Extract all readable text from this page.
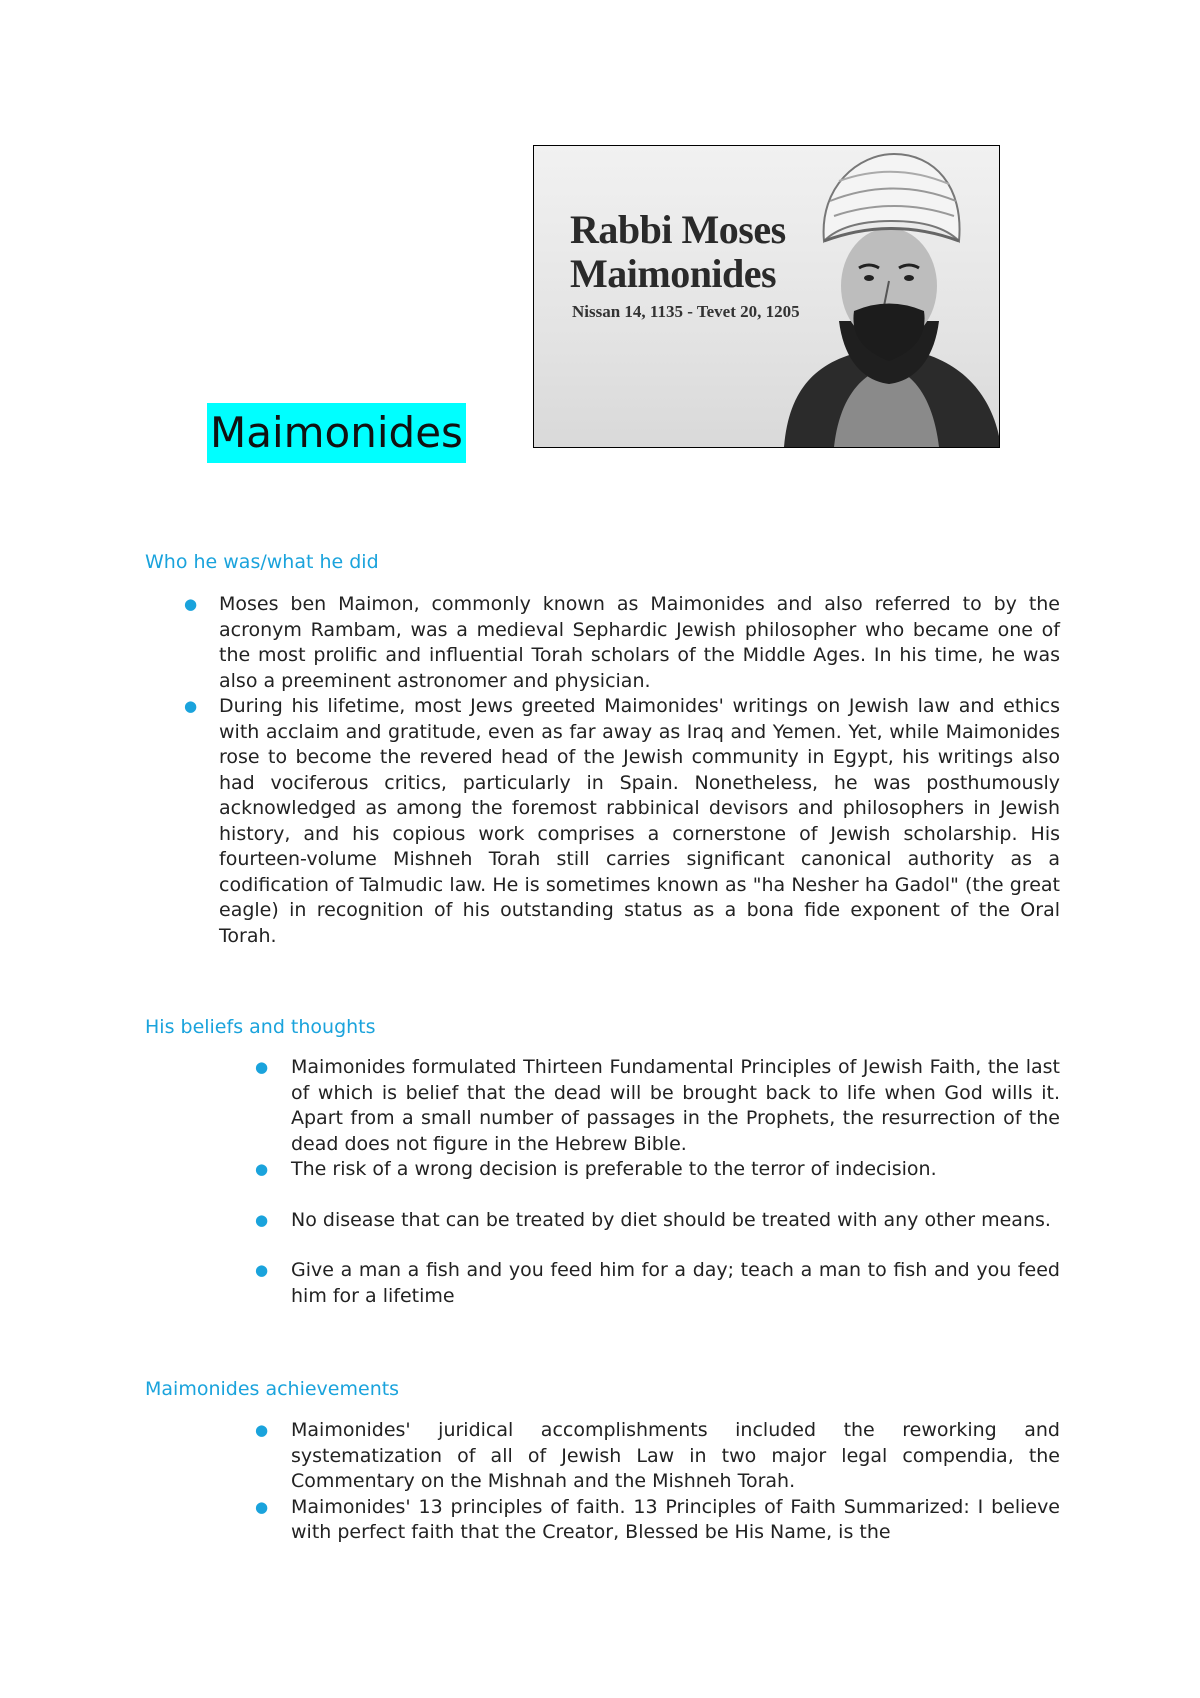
Rabbi Moses
Maimonides
Nissan 14, 1135 - Tevet 20, 1205
Maimonides
Who he was/what he did
● Moses ben Maimon, commonly known as Maimonides and also referred to by the acronym Rambam, was a medieval Sephardic Jewish philosopher who became one of the most prolific and influential Torah scholars of the Middle Ages. In his time, he was also a preeminent astronomer and physician.
● During his lifetime, most Jews greeted Maimonides' writings on Jewish law and ethics with acclaim and gratitude, even as far away as Iraq and Yemen. Yet, while Maimonides rose to become the revered head of the Jewish community in Egypt, his writings also had vociferous critics, particularly in Spain. Nonetheless, he was posthumously acknowledged as among the foremost rabbinical devisors and philosophers in Jewish history, and his copious work comprises a cornerstone of Jewish scholarship. His fourteen-volume Mishneh Torah still carries significant canonical authority as a codification of Talmudic law. He is sometimes known as "ha Nesher ha Gadol" (the great eagle) in recognition of his outstanding status as a bona fide exponent of the Oral Torah.
His beliefs and thoughts
● Maimonides formulated Thirteen Fundamental Principles of Jewish Faith, the last of which is belief that the dead will be brought back to life when God wills it. Apart from a small number of passages in the Prophets, the resurrection of the dead does not figure in the Hebrew Bible.
● The risk of a wrong decision is preferable to the terror of indecision.
● No disease that can be treated by diet should be treated with any other means.
● Give a man a fish and you feed him for a day; teach a man to fish and you feed him for a lifetime
Maimonides achievements
● Maimonides' juridical accomplishments included the reworking and systematization of all of Jewish Law in two major legal compendia, the Commentary on the Mishnah and the Mishneh Torah.
● Maimonides' 13 principles of faith. 13 Principles of Faith Summarized: I believe with perfect faith that the Creator, Blessed be His Name, is the
